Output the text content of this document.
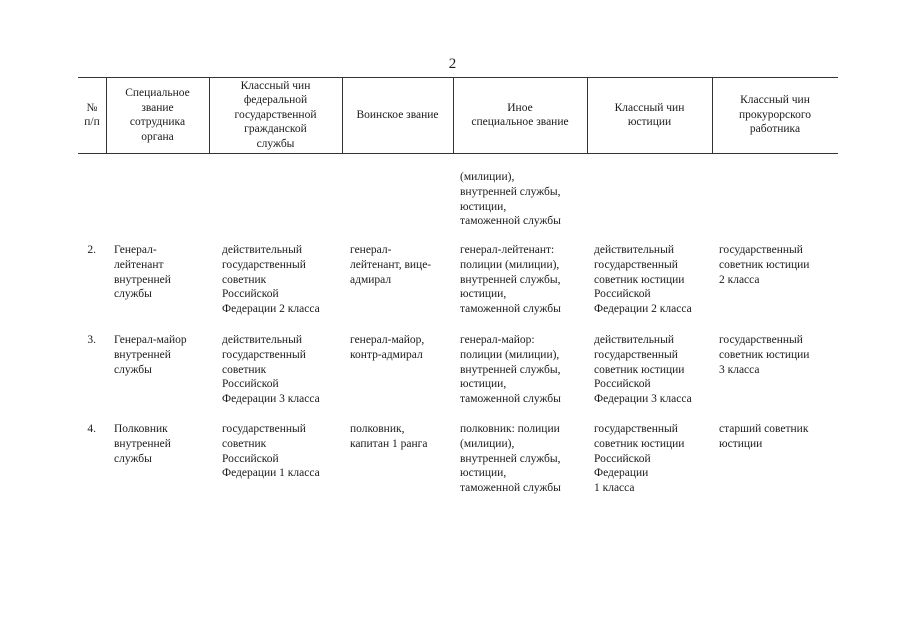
2
№
п/п
Специальное
звание
сотрудника
органа
Классный чин
федеральной
государственной
гражданской
службы
Воинское звание
Иное
специальное звание
Классный чин
юстиции
Классный чин
прокурорского
работника
(милиции),
внутренней службы,
юстиции,
таможенной службы
2. Генерал-
лейтенант
внутренней
службы
действительный
государственный
советник
Российской
Федерации 2 класса
генерал-
лейтенант, вице-
адмирал
генерал-лейтенант:
полиции (милиции),
внутренней службы,
юстиции,
таможенной службы
действительный
государственный
советник юстиции
Российской
Федерации 2 класса
государственный
советник юстиции
2 класса
3. Генерал-майор
внутренней
службы
действительный
государственный
советник
Российской
Федерации 3 класса
генерал-майор,
контр-адмирал
генерал-майор:
полиции (милиции),
внутренней службы,
юстиции,
таможенной службы
действительный
государственный
советник юстиции
Российской
Федерации 3 класса
государственный
советник юстиции
3 класса
4. Полковник
внутренней
службы
государственный
советник
Российской
Федерации 1 класса
полковник,
капитан 1 ранга
полковник: полиции
(милиции),
внутренней службы,
юстиции,
таможенной службы
государственный
советник юстиции
Российской
Федерации
1 класса
старший советник
юстиции
